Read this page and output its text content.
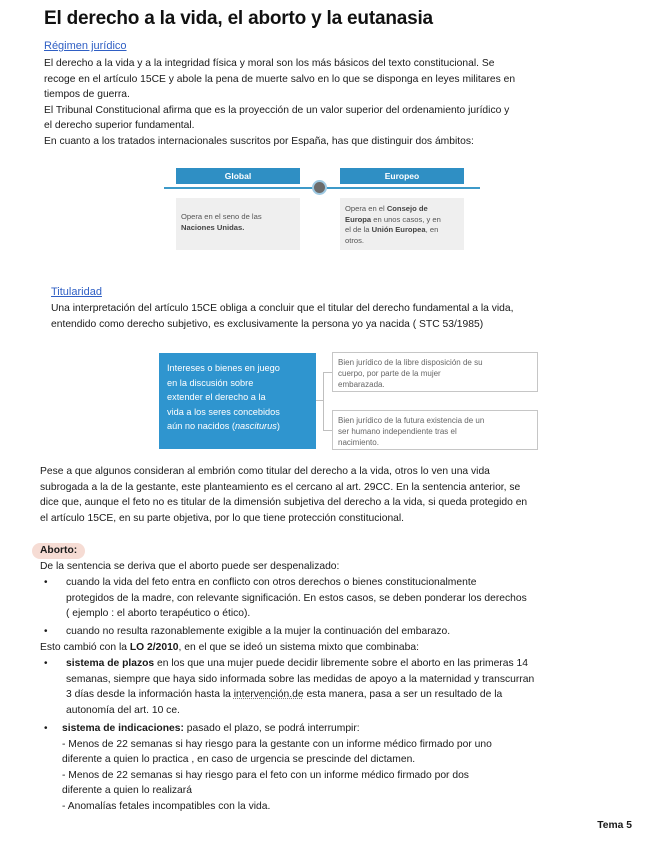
El derecho a la vida, el aborto y la eutanasia
Régimen jurídico

El derecho a la vida y a la integridad física y moral son los más básicos del texto constitucional. Se

recoge en el artículo 15CE y abole la pena de muerte salvo en lo que se disponga en leyes militares en

tiempos de guerra.

El Tribunal Constitucional afirma que es la proyección de un valor superior del ordenamiento jurídico y

el derecho superior fundamental.

En cuanto a los tratados internacionales suscritos por España, has que distinguir dos ámbitos:

Global	Europeo
Opera en el seno de las
Naciones Unidas.
Opera en el Consejo de
Europa en unos casos, y en
el de la Unión Europea, en
otros.
Titularidad

Una interpretación del artículo 15CE obliga a concluir que el titular del derecho fundamental a la vida,

entendido como derecho subjetivo, es exclusivamente la persona yo ya nacida ( STC 53/1985)

Intereses o bienes en juego
en la discusión sobre
extender el derecho a la
vida a los seres concebidos
aún no nacidos (nasciturus)
Bien jurídico de la libre disposición de su
cuerpo, por parte de la mujer
embarazada.
Bien jurídico de la futura existencia de un
ser humano independiente tras el
nacimiento.

Pese a que algunos consideran al embrión como titular del derecho a la vida, otros lo ven una vida

subrogada a la de la gestante, este planteamiento es el cercano al art. 29CC. En la sentencia anterior, se

dice que, aunque el feto no es titular de la dimensión subjetiva del derecho a la vida, si queda protegido en

el artículo 15CE, en su parte objetiva, por lo que tiene protección constitucional.

Aborto:
De la sentencia se deriva que el aborto puede ser despenalizado:
• cuando la vida del feto entra en conflicto con otros derechos o bienes constitucionalmente
protegidos de la madre, con relevante significación. En estos casos, se deben ponderar los derechos
( ejemplo : el aborto terapéutico o ético).
• cuando no resulta razonablemente exigible a la mujer la continuación del embarazo.
Esto cambió con la LO 2/2010, en el que se ideó un sistema mixto que combinaba:
• sistema de plazos en los que una mujer puede decidir libremente sobre el aborto en las primeras 14
semanas, siempre que haya sido informada sobre las medidas de apoyo a la maternidad y transcurran
3 días desde la información hasta la intervención.de esta manera, pasa a ser un resultado de la
autonomía del art. 10 ce.
• sistema de indicaciones: pasado el plazo, se podrá interrumpir:
- Menos de 22 semanas si hay riesgo para la gestante con un informe médico firmado por uno
diferente a quien lo practica , en caso de urgencia se prescinde del dictamen.
- Menos de 22 semanas si hay riesgo para el feto con un informe médico firmado por dos
diferente a quien lo realizará
- Anomalías fetales incompatibles con la vida.
Tema 5
